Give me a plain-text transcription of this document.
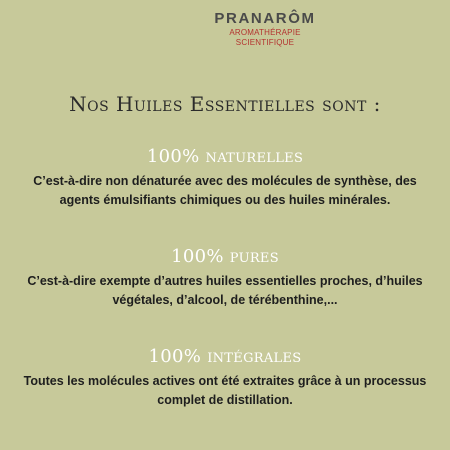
PRANARÔM
AROMATHÉRAPIE
SCIENTIFIQUE
Nos Huiles Essentielles sont :
100% naturelles
C’est-à-dire non dénaturée avec des molécules de synthèse, des agents émulsifiants chimiques ou des huiles minérales.
100% pures
C’est-à-dire exempte d’autres huiles essentielles proches, d’huiles végétales, d’alcool, de térébenthine,...
100% intégrales
Toutes les molécules actives ont été extraites grâce à un processus complet de distillation.
